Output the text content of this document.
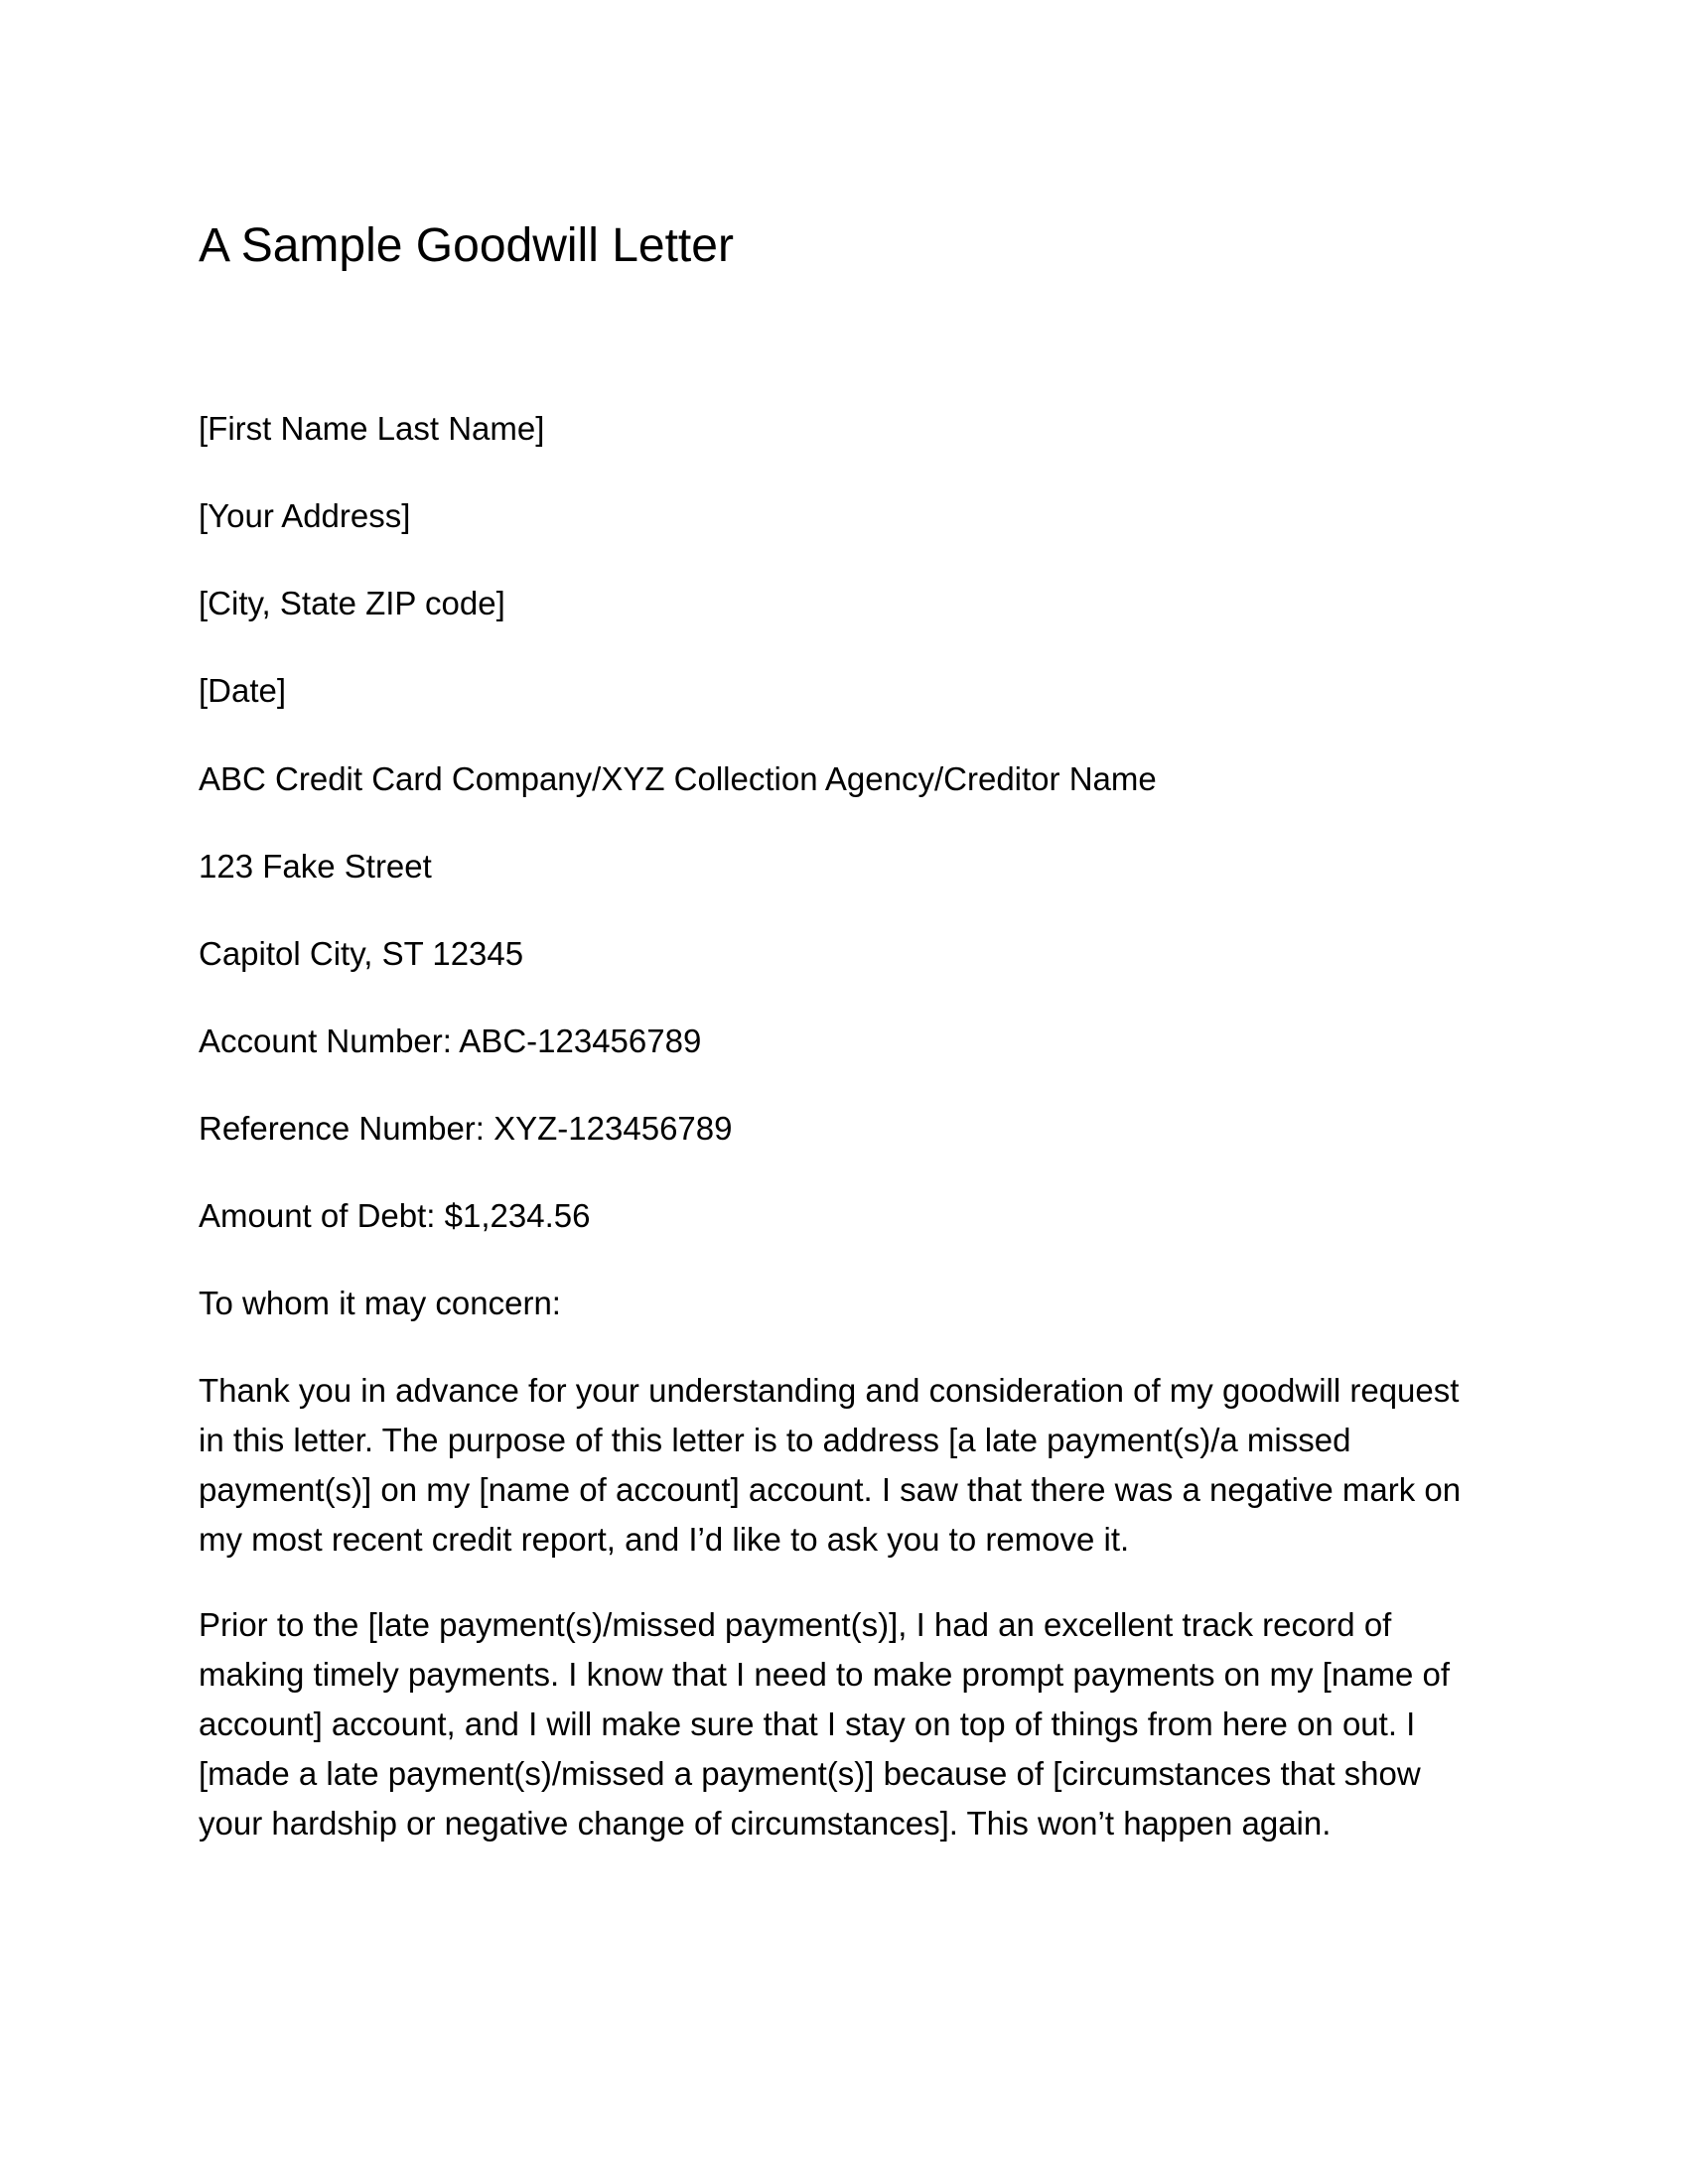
A Sample Goodwill Letter

[First Name Last Name]

[Your Address]

[City, State ZIP code]

[Date]

ABC Credit Card Company/XYZ Collection Agency/Creditor Name

123 Fake Street

Capitol City, ST 12345

Account Number: ABC-123456789

Reference Number: XYZ-123456789

Amount of Debt: $1,234.56

To whom it may concern:

Thank you in advance for your understanding and consideration of my goodwill request
in this letter. The purpose of this letter is to address [a late payment(s)/a missed
payment(s)] on my [name of account] account. I saw that there was a negative mark on
my most recent credit report, and I’d like to ask you to remove it.
Prior to the [late payment(s)/missed payment(s)], I had an excellent track record of
making timely payments. I know that I need to make prompt payments on my [name of
account] account, and I will make sure that I stay on top of things from here on out. I
[made a late payment(s)/missed a payment(s)] because of [circumstances that show
your hardship or negative change of circumstances]. This won’t happen again.
